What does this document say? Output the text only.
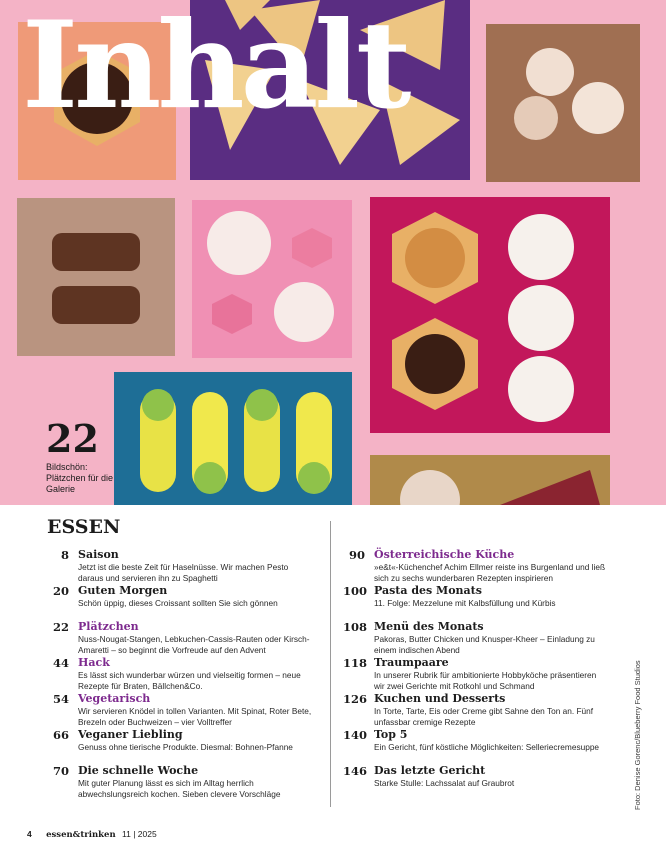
Inhalt
22
Bildschön: Plätzchen für die Galerie
ESSEN
8 Saison
Jetzt ist die beste Zeit für Haselnüsse. Wir machen Pesto daraus und servieren ihn zu Spaghetti
20 Guten Morgen
Schön üppig, dieses Croissant sollten Sie sich gönnen
22 Plätzchen
Nuss-Nougat-Stangen, Lebkuchen-Cassis-Rauten oder Kirsch-Amaretti – so beginnt die Vorfreude auf den Advent
44 Hack
Es lässt sich wunderbar würzen und vielseitig formen – neue Rezepte für Braten, Bällchen&Co.
54 Vegetarisch
Wir servieren Knödel in tollen Varianten. Mit Spinat, Roter Bete, Brezeln oder Buchweizen – vier Volltreffer
66 Veganer Liebling
Genuss ohne tierische Produkte. Diesmal: Bohnen-Pfanne
70 Die schnelle Woche
Mit guter Planung lässt es sich im Alltag herrlich abwechslungsreich kochen. Sieben clevere Vorschläge
90 Österreichische Küche
»e&t«-Küchenchef Achim Ellmer reiste ins Burgenland und ließ sich zu sechs wunderbaren Rezepten inspirieren
100 Pasta des Monats
11. Folge: Mezzelune mit Kalbsfüllung und Kürbis
108 Menü des Monats
Pakoras, Butter Chicken und Knusper-Kheer – Einladung zu einem indischen Abend
118 Traumpaare
In unserer Rubrik für ambitionierte Hobbyköche präsentieren wir zwei Gerichte mit Rotkohl und Schmand
126 Kuchen und Desserts
In Torte, Tarte, Eis oder Creme gibt Sahne den Ton an. Fünf unfassbar cremige Rezepte
140 Top 5
Ein Gericht, fünf köstliche Möglichkeiten: Selleriecremesuppe
146 Das letzte Gericht
Starke Stulle: Lachssalat auf Graubrot
4 essen&trinken 11 | 2025
Foto: Denise Gorenc/Blueberry Food Studios
